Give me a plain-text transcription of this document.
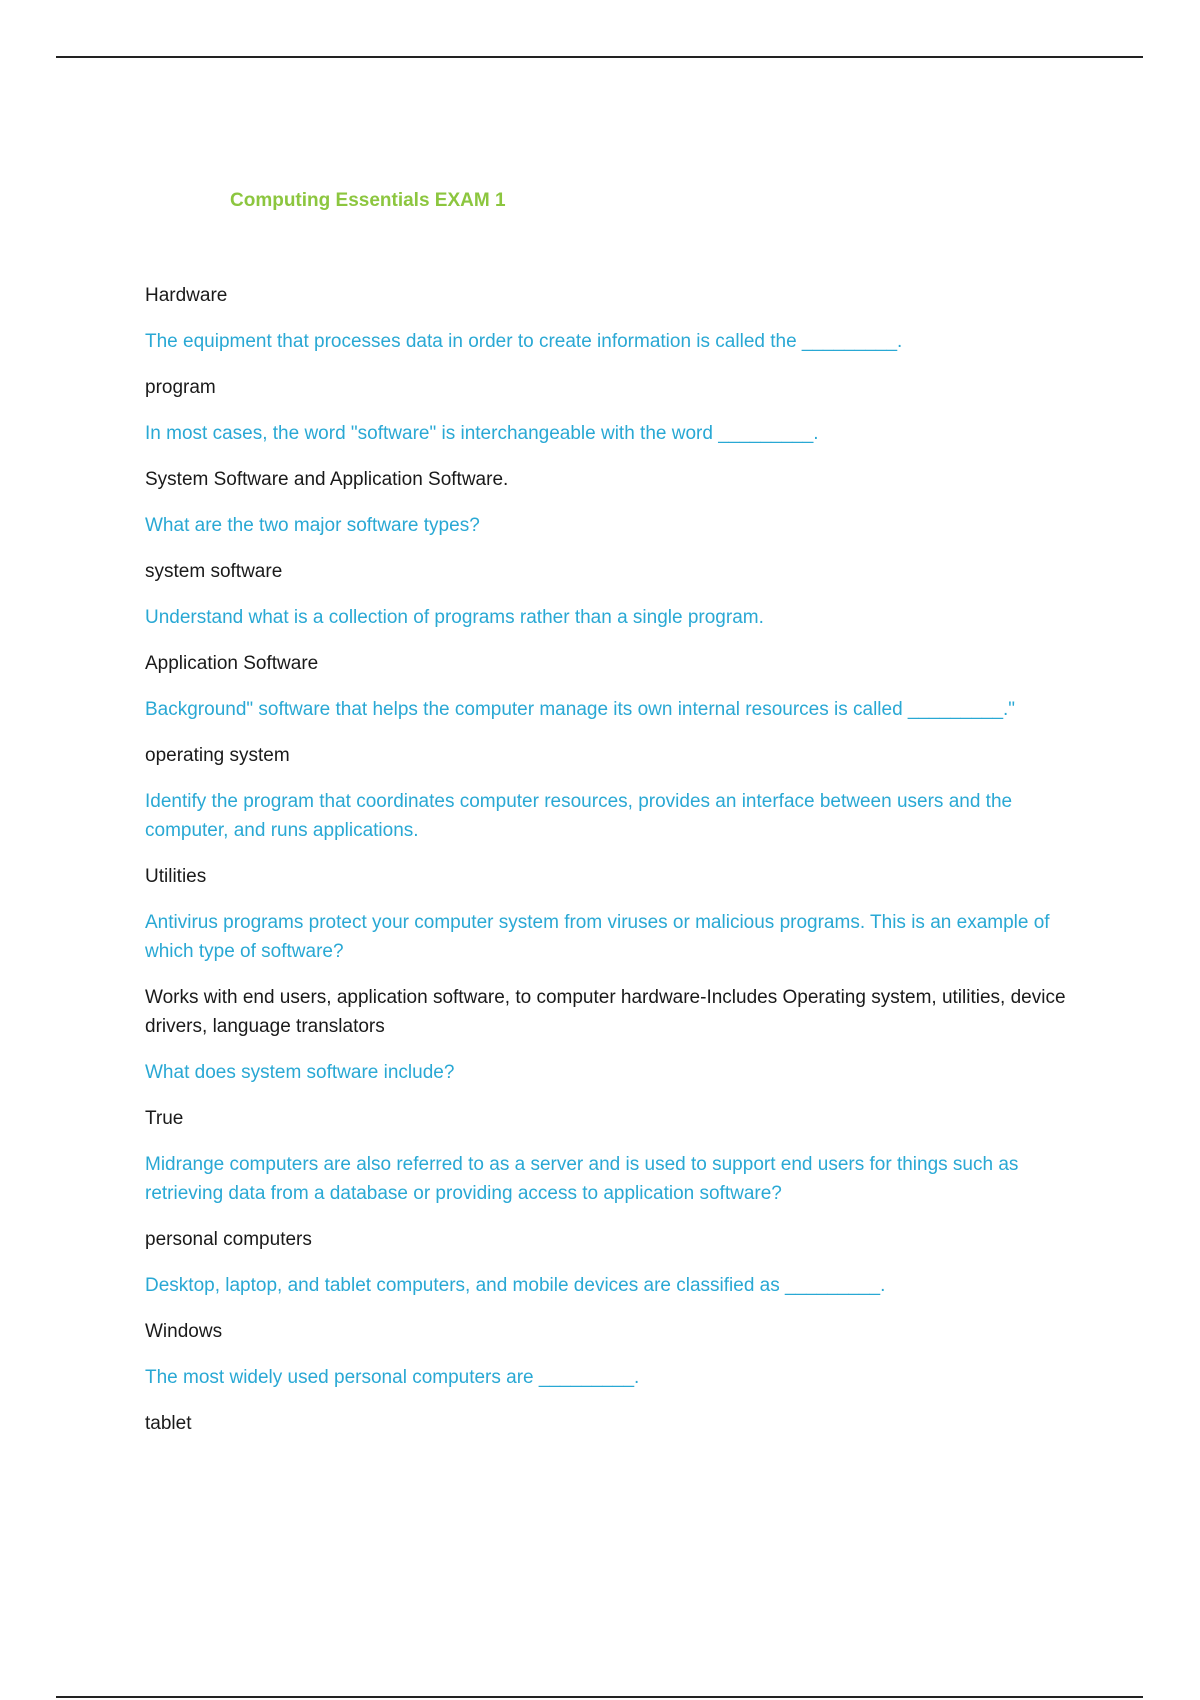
Computing Essentials EXAM 1

Hardware

The equipment that processes data in order to create information is called the _________.

program

In most cases, the word "software" is interchangeable with the word _________.

System Software and Application Software.

What are the two major software types?

system software

Understand what is a collection of programs rather than a single program.

Application Software

Background" software that helps the computer manage its own internal resources is called _________."

operating system

Identify the program that coordinates computer resources, provides an interface between users and the computer, and runs applications.

Utilities

Antivirus programs protect your computer system from viruses or malicious programs. This is an example of which type of software?

Works with end users, application software, to computer hardware-Includes Operating system, utilities, device drivers, language translators

What does system software include?

True

Midrange computers are also referred to as a server and is used to support end users for things such as retrieving data from a database or providing access to application software?

personal computers

Desktop, laptop, and tablet computers, and mobile devices are classified as _________.

Windows

The most widely used personal computers are _________.

tablet
